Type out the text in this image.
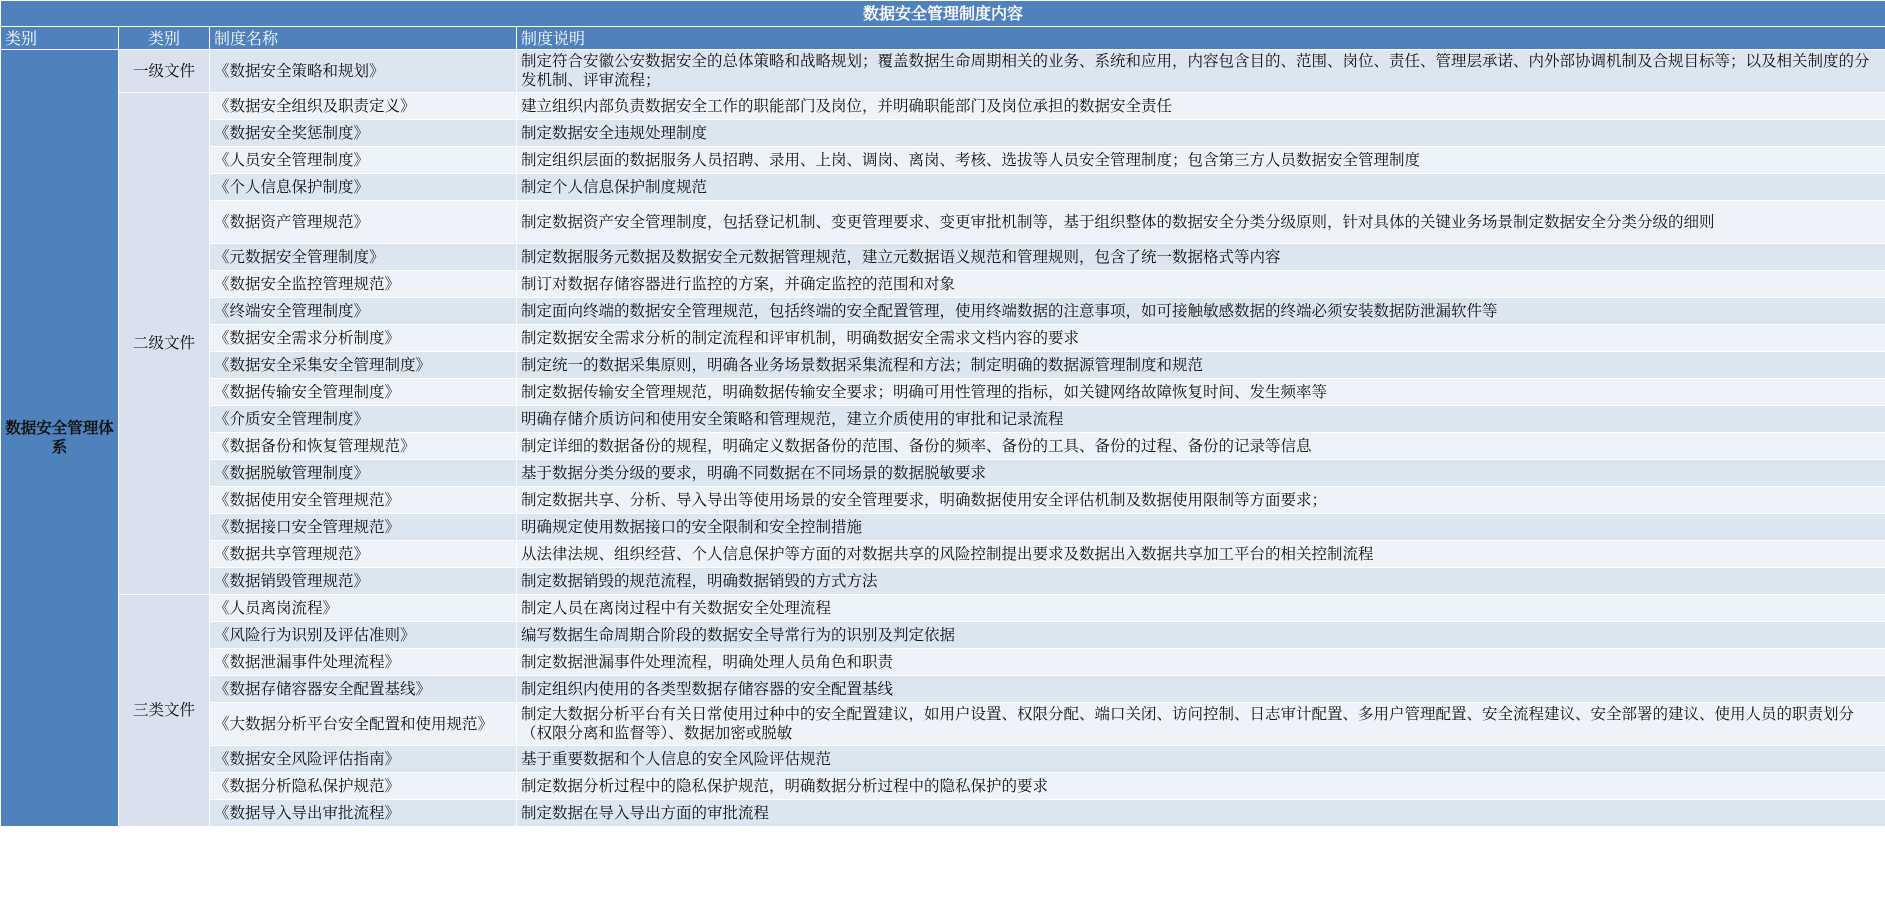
数据安全管理制度内容			
类别	类别	制度名称	制度说明
数据安全管理体系	一级文件	《数据安全策略和规划》	制定符合安徽公安数据安全的总体策略和战略规划；覆盖数据生命周期相关的业务、系统和应用，内容包含目的、范围、岗位、责任、管理层承诺、内外部协调机制及合规目标等；以及相关制度的分发机制、评审流程；
	二级文件	《数据安全组织及职责定义》	建立组织内部负责数据安全工作的职能部门及岗位，并明确职能部门及岗位承担的数据安全责任
		《数据安全奖惩制度》	制定数据安全违规处理制度
		《人员安全管理制度》	制定组织层面的数据服务人员招聘、录用、上岗、调岗、离岗、考核、选拔等人员安全管理制度；包含第三方人员数据安全管理制度
		《个人信息保护制度》	制定个人信息保护制度规范
		《数据资产管理规范》	制定数据资产安全管理制度，包括登记机制、变更管理要求、变更审批机制等，基于组织整体的数据安全分类分级原则，针对具体的关键业务场景制定数据安全分类分级的细则
		《元数据安全管理制度》	制定数据服务元数据及数据安全元数据管理规范，建立元数据语义规范和管理规则，包含了统一数据格式等内容
		《数据安全监控管理规范》	制订对数据存储容器进行监控的方案，并确定监控的范围和对象
		《终端安全管理制度》	制定面向终端的数据安全管理规范，包括终端的安全配置管理，使用终端数据的注意事项，如可接触敏感数据的终端必须安装数据防泄漏软件等
		《数据安全需求分析制度》	制定数据安全需求分析的制定流程和评审机制，明确数据安全需求文档内容的要求
		《数据安全采集安全管理制度》	制定统一的数据采集原则，明确各业务场景数据采集流程和方法；制定明确的数据源管理制度和规范
		《数据传输安全管理制度》	制定数据传输安全管理规范，明确数据传输安全要求；明确可用性管理的指标，如关键网络故障恢复时间、发生频率等
		《介质安全管理制度》	明确存储介质访问和使用安全策略和管理规范，建立介质使用的审批和记录流程
		《数据备份和恢复管理规范》	制定详细的数据备份的规程，明确定义数据备份的范围、备份的频率、备份的工具、备份的过程、备份的记录等信息
		《数据脱敏管理制度》	基于数据分类分级的要求，明确不同数据在不同场景的数据脱敏要求
		《数据使用安全管理规范》	制定数据共享、分析、导入导出等使用场景的安全管理要求，明确数据使用安全评估机制及数据使用限制等方面要求；
		《数据接口安全管理规范》	明确规定使用数据接口的安全限制和安全控制措施
		《数据共享管理规范》	从法律法规、组织经营、个人信息保护等方面的对数据共享的风险控制提出要求及数据出入数据共享加工平台的相关控制流程
		《数据销毁管理规范》	制定数据销毁的规范流程，明确数据销毁的方式方法
	三类文件	《人员离岗流程》	制定人员在离岗过程中有关数据安全处理流程
		《风险行为识别及评估准则》	编写数据生命周期合阶段的数据安全导常行为的识别及判定依据
		《数据泄漏事件处理流程》	制定数据泄漏事件处理流程，明确处理人员角色和职责
		《数据存储容器安全配置基线》	制定组织内使用的各类型数据存储容器的安全配置基线
		《大数据分析平台安全配置和使用规范》	制定大数据分析平台有关日常使用过种中的安全配置建议，如用户设置、权限分配、端口关闭、访问控制、日志审计配置、多用户管理配置、安全流程建议、安全部署的建议、使用人员的职责划分（权限分离和监督等）、数据加密或脱敏
		《数据安全风险评估指南》	基于重要数据和个人信息的安全风险评估规范
		《数据分析隐私保护规范》	制定数据分析过程中的隐私保护规范，明确数据分析过程中的隐私保护的要求
		《数据导入导出审批流程》	制定数据在导入导出方面的审批流程
